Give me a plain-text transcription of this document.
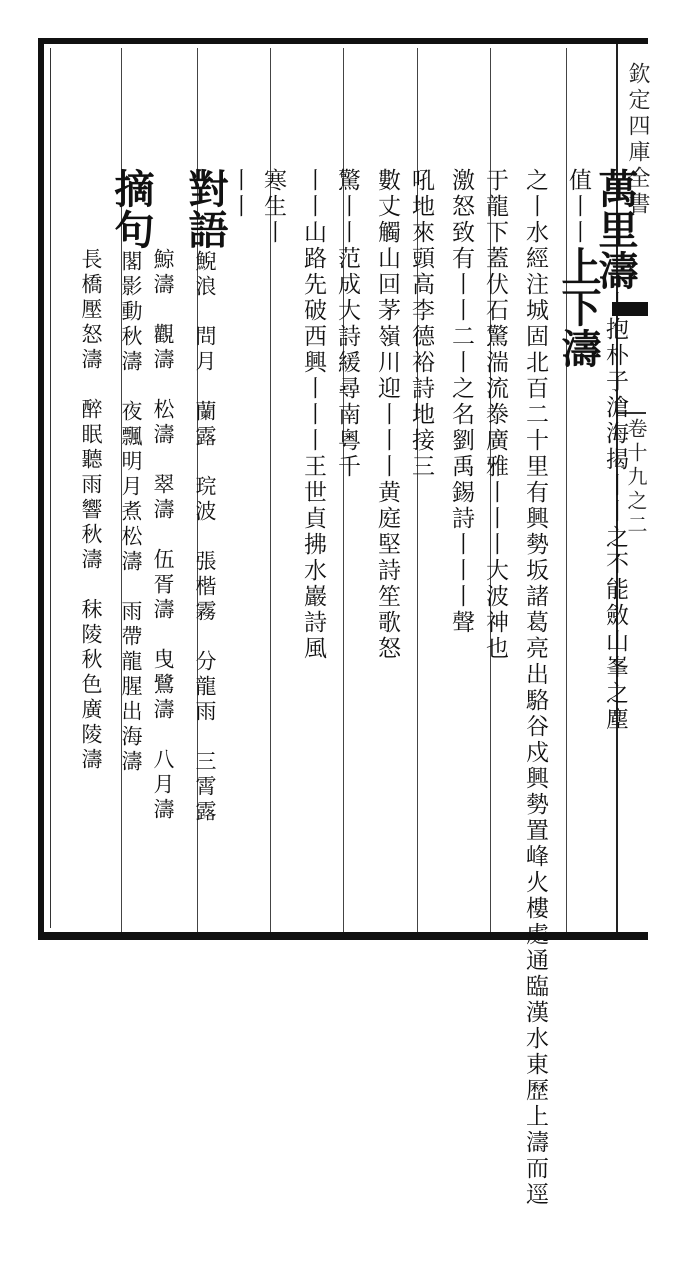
欽定四庫全書
卷十九之二

萬里濤丨抱朴子滄海揭丨丨之不能斂山峯之塵

值丨丨上下濤

之丨水經注城固北百二十里有興勢坂諸葛亮出駱谷戍興勢置峰火樓處通臨漢水東歷上濤而逕

于龍下蓋伏石驚湍流𣳾廣雅丨丨丨大波神也

激怒致有丨丨二丨之名劉禹錫詩丨丨丨聲

吼地來頭高李德裕詩地接三

數丈觸山回茅嶺川迎丨丨丨黄庭堅詩笙歌怒

驚丨丨范成大詩緩尋南粵千

丨丨山路先破西興丨丨丨王世貞拂水巖詩風

寒生丨

丨丨

對語鯢浪　問月　蘭露　琓波　張楷霧　分龍雨　三霄露

鯨濤　觀濤　松濤　翠濤　伍胥濤　曳鷺濤　八月濤

摘句閣影動秋濤　夜飄明月煮松濤　雨帶龍腥出海濤

長橋壓怒濤　醉眠聽雨響秋濤　秣陵秋色廣陵濤
